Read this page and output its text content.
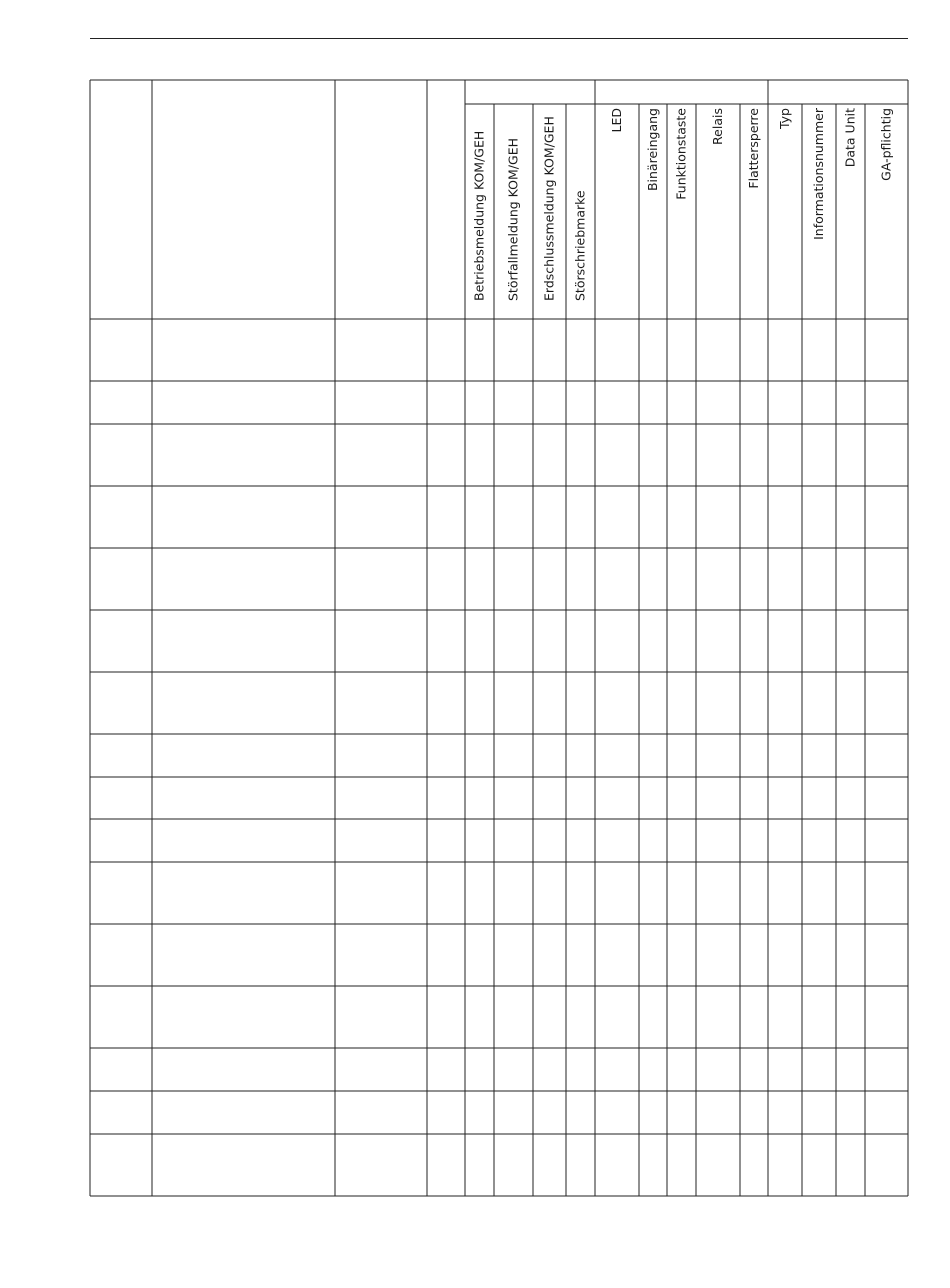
Betriebsmeldung KOM/GEH Störfallmeldung KOM/GEH Erdschlussmeldung KOM/GEH Störschriebmarke
LED Binäreingang Funktionstaste Relais Flattersperre Typ Informationsnummer Data Unit GA-pflichtig
